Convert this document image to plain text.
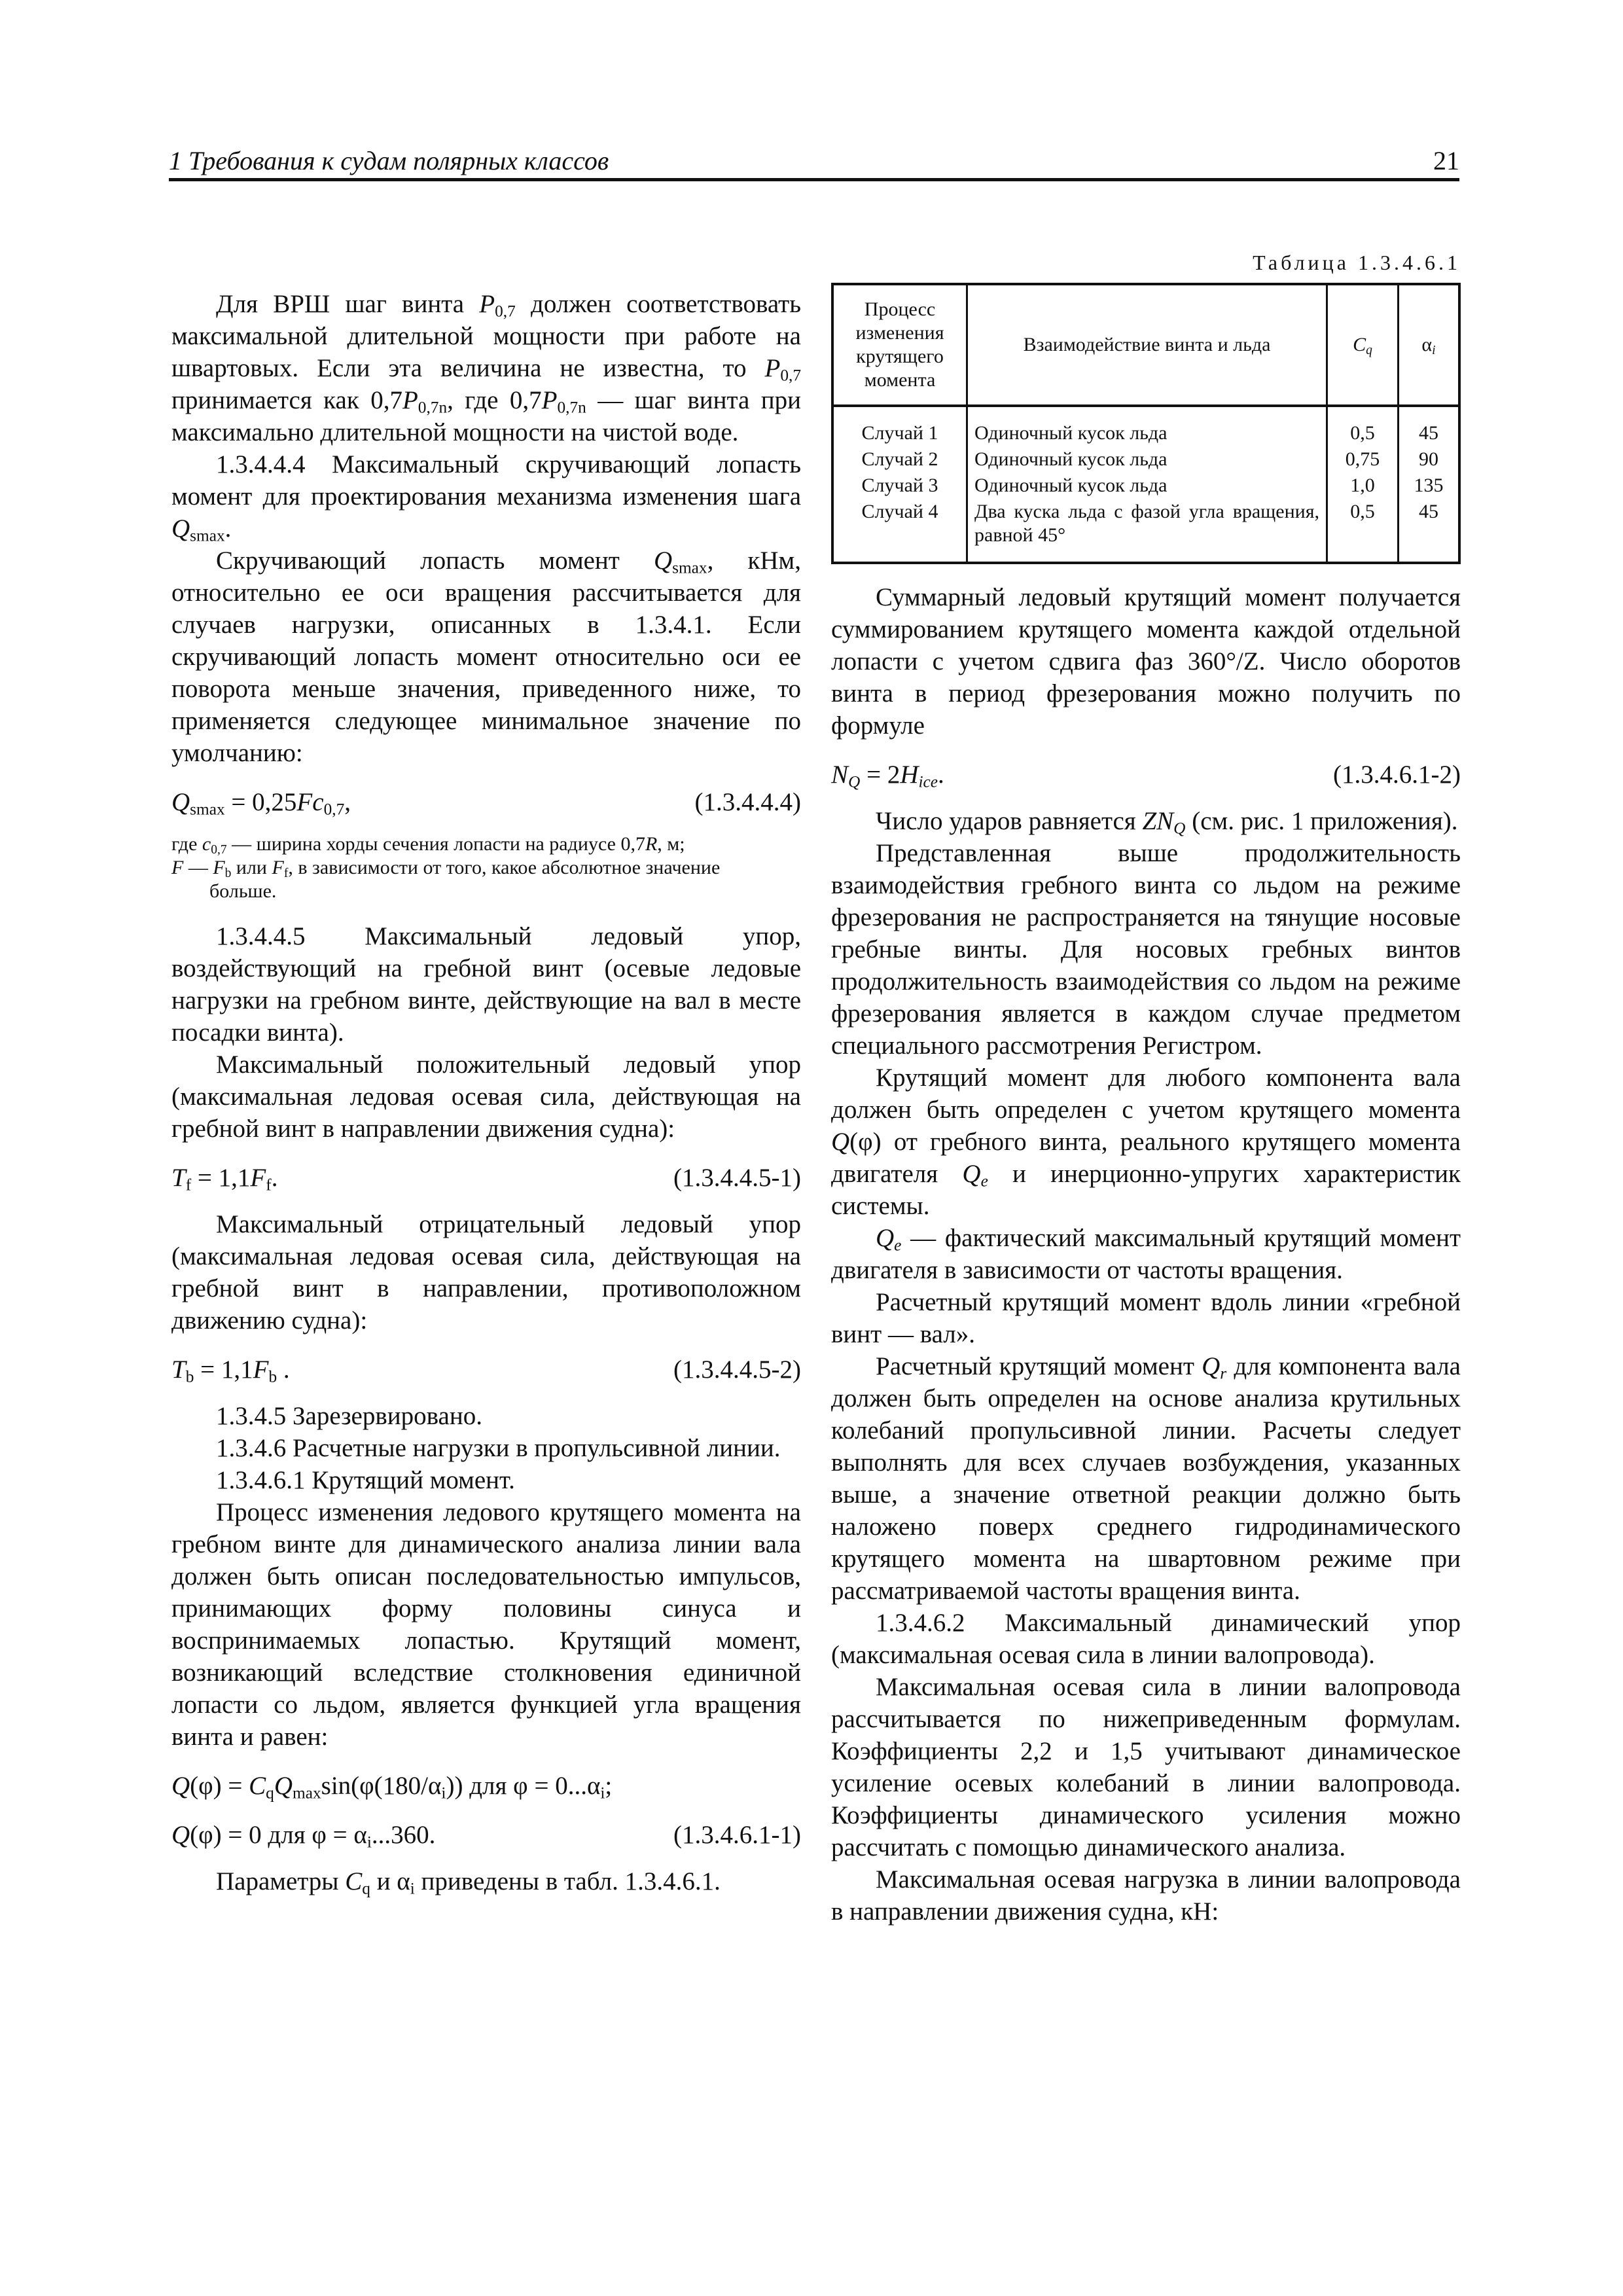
1 Требования к судам полярных классов	21

Для ВРШ шаг винта $P_{0,7}$ должен соответствовать максимальной длительной мощности при работе на швартовых. Если эта величина не известна, то $P_{0,7}$ принимается как $0,7P_{0,7n}$, где $0,7P_{0,7n}$ — шаг винта при максимально длительной мощности на чистой воде.

1.3.4.4.4 Максимальный скручивающий лопасть момент для проектирования механизма изменения шага $Q_{smax}$.

Скручивающий лопасть момент $Q_{smax}$, кНм, относительно ее оси вращения рассчитывается для случаев нагрузки, описанных в 1.3.4.1. Если скручивающий лопасть момент относительно оси ее поворота меньше значения, приведенного ниже, то применяется следующее минимальное значение по умолчанию:

$Q_{smax} = 0,25Fc_{0,7}$,	(1.3.4.4.4)
где $c_{0,7}$ — ширина хорды сечения лопасти на радиусе 0,7R, м;
F — $F_b$ или $F_f$, в зависимости от того, какое абсолютное значение
больше.

1.3.4.4.5 Максимальный ледовый упор, воздействующий на гребной винт (осевые ледовые нагрузки на гребном винте, действующие на вал в месте посадки винта).

Максимальный положительный ледовый упор (максимальная ледовая осевая сила, действующая на гребной винт в направлении движения судна):

$T_f = 1,1F_f$.	(1.3.4.4.5-1)

Максимальный отрицательный ледовый упор (максимальная ледовая осевая сила, действующая на гребной винт в направлении, противоположном движению судна):

$T_b = 1,1F_b$ .	(1.3.4.4.5-2)

1.3.4.5 Зарезервировано.

1.3.4.6 Расчетные нагрузки в пропульсивной линии.

1.3.4.6.1 Крутящий момент.

Процесс изменения ледового крутящего момента на гребном винте для динамического анализа линии вала должен быть описан последовательностью импульсов, принимающих форму половины синуса и воспринимаемых лопастью. Крутящий момент, возникающий вследствие столкновения единичной лопасти со льдом, является функцией угла вращения винта и равен:

$Q(\varphi) = C_qQ_{max}\sin(\varphi(180/\alpha_i))$ для $\varphi = 0...\alpha_i$;
Q(φ) = 0 для $\varphi = \alpha_i...360$.	(1.3.4.6.1-1)

Параметры $C_q$ и $\alpha_i$ приведены в табл. 1.3.4.6.1.

Таблица 1.3.4.6.1
Процесс изменения крутящего момента	Взаимодействие винта и льда	$C_q$	$\alpha_i$
Случай 1	Одиночный кусок льда	0,5	45
Случай 2	Одиночный кусок льда	0,75	90
Случай 3	Одиночный кусок льда	1,0	135
Случай 4	Два куска льда с фазой угла вращения, равной 45°	0,5	45

Суммарный ледовый крутящий момент получается суммированием крутящего момента каждой отдельной лопасти с учетом сдвига фаз 360°/Z. Число оборотов винта в период фрезерования можно получить по формуле

$N_Q = 2H_{ice}$.	(1.3.4.6.1-2)

Число ударов равняется $ZN_Q$ (см. рис. 1 приложения).

Представленная выше продолжительность взаимодействия гребного винта со льдом на режиме фрезерования не распространяется на тянущие носовые гребные винты. Для носовых гребных винтов продолжительность взаимодействия со льдом на режиме фрезерования является в каждом случае предметом специального рассмотрения Регистром.

Крутящий момент для любого компонента вала должен быть определен с учетом крутящего момента Q(φ) от гребного винта, реального крутящего момента двигателя $Q_e$ и инерционно-упругих характеристик системы.

$Q_e$ — фактический максимальный крутящий момент двигателя в зависимости от частоты вращения.

Расчетный крутящий момент вдоль линии «гребной винт — вал».

Расчетный крутящий момент $Q_r$ для компонента вала должен быть определен на основе анализа крутильных колебаний пропульсивной линии. Расчеты следует выполнять для всех случаев возбуждения, указанных выше, а значение ответной реакции должно быть наложено поверх среднего гидродинамического крутящего момента на швартовном режиме при рассматриваемой частоты вращения винта.

1.3.4.6.2 Максимальный динамический упор (максимальная осевая сила в линии валопровода).

Максимальная осевая сила в линии валопровода рассчитывается по нижеприведенным формулам. Коэффициенты 2,2 и 1,5 учитывают динамическое усиление осевых колебаний в линии валопровода. Коэффициенты динамического усиления можно рассчитать с помощью динамического анализа.

Максимальная осевая нагрузка в линии валопровода в направлении движения судна, кН:
